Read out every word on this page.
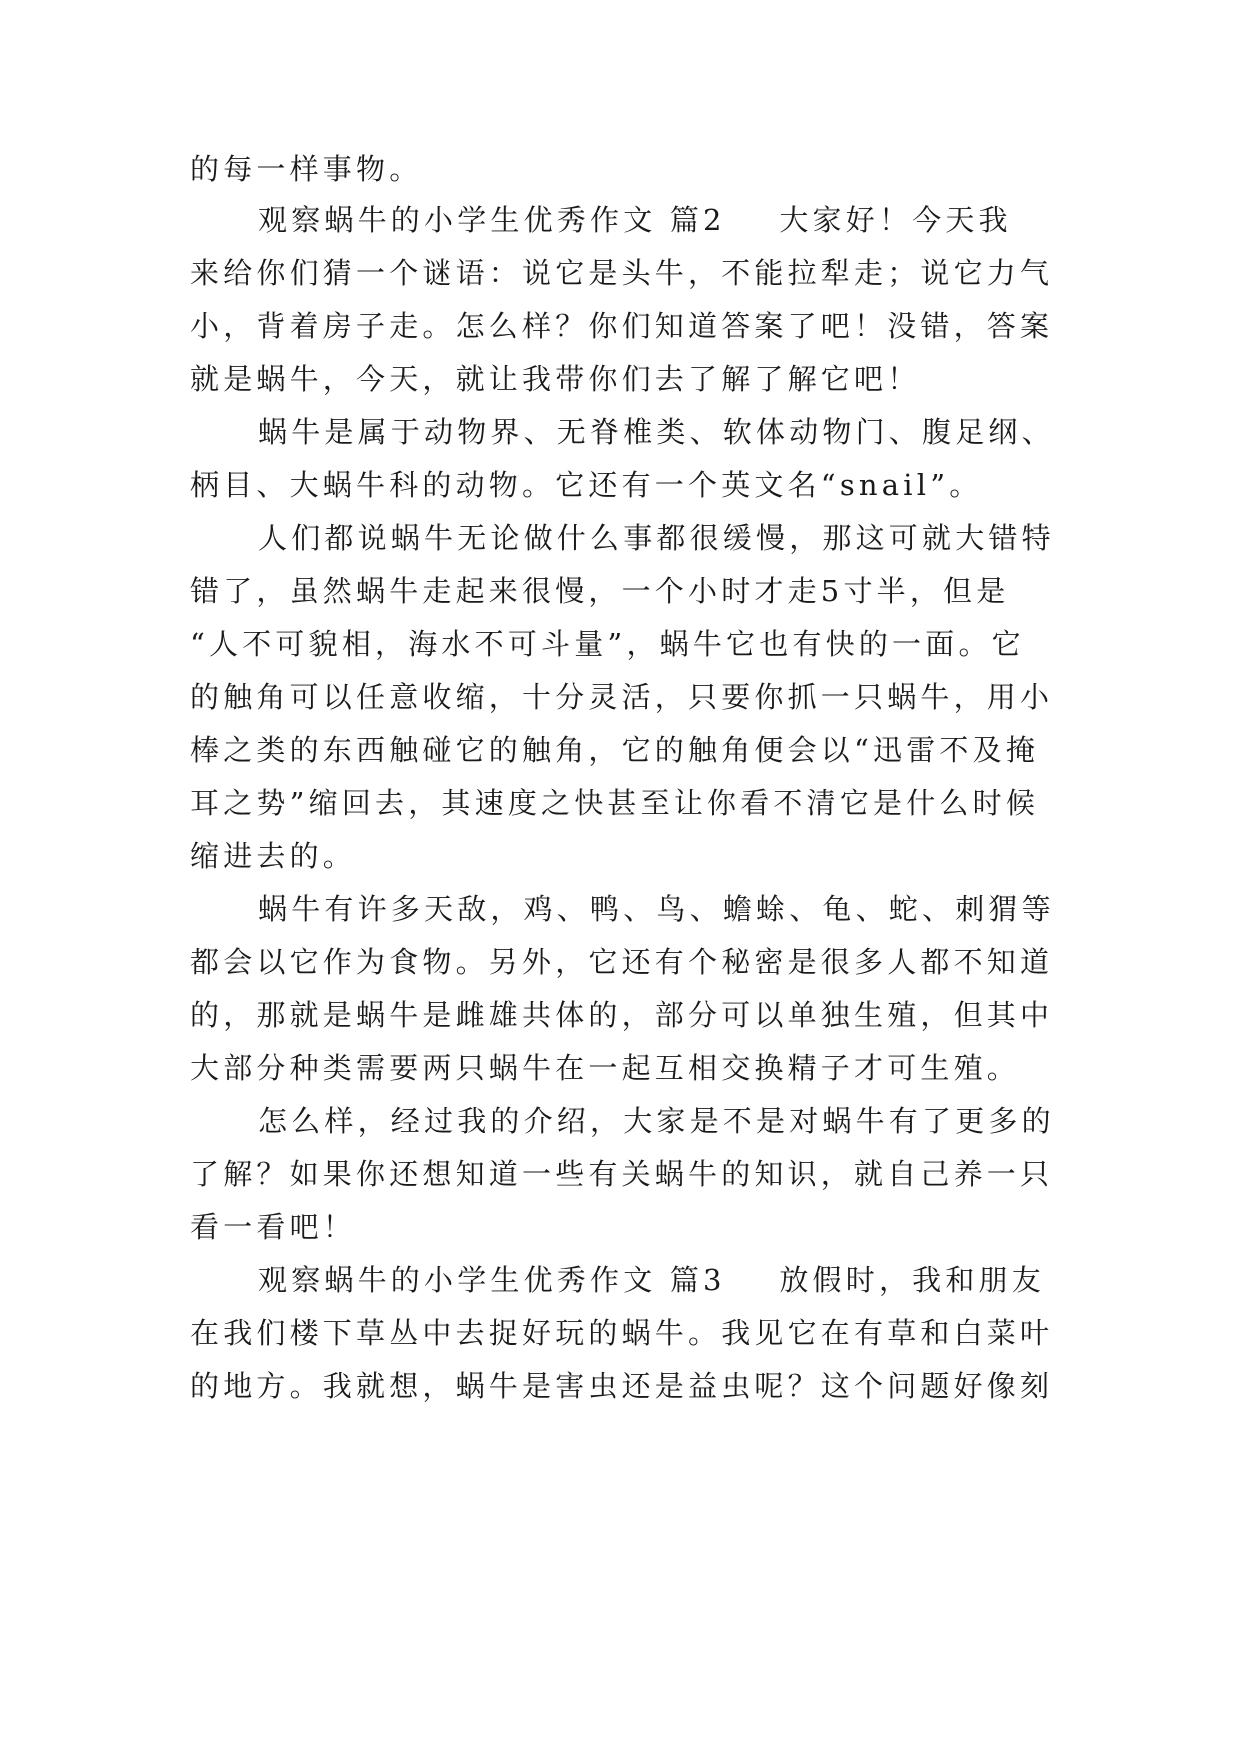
的每一样事物。
观察蜗牛的小学生优秀作文 篇2    大家好！今天我
来给你们猜一个谜语：说它是头牛，不能拉犁走；说它力气
小，背着房子走。怎么样？你们知道答案了吧！没错，答案
就是蜗牛，今天，就让我带你们去了解了解它吧！
蜗牛是属于动物界、无脊椎类、软体动物门、腹足纲、
柄目、大蜗牛科的动物。它还有一个英文名“snail”。
人们都说蜗牛无论做什么事都很缓慢，那这可就大错特
错了，虽然蜗牛走起来很慢，一个小时才走5寸半，但是
“人不可貌相，海水不可斗量”，蜗牛它也有快的一面。它
的触角可以任意收缩，十分灵活，只要你抓一只蜗牛，用小
棒之类的东西触碰它的触角，它的触角便会以“迅雷不及掩
耳之势”缩回去，其速度之快甚至让你看不清它是什么时候
缩进去的。
蜗牛有许多天敌，鸡、鸭、鸟、蟾蜍、龟、蛇、刺猬等
都会以它作为食物。另外，它还有个秘密是很多人都不知道
的，那就是蜗牛是雌雄共体的，部分可以单独生殖，但其中
大部分种类需要两只蜗牛在一起互相交换精子才可生殖。
怎么样，经过我的介绍，大家是不是对蜗牛有了更多的
了解？如果你还想知道一些有关蜗牛的知识，就自己养一只
看一看吧！
观察蜗牛的小学生优秀作文 篇3    放假时，我和朋友
在我们楼下草丛中去捉好玩的蜗牛。我见它在有草和白菜叶
的地方。我就想，蜗牛是害虫还是益虫呢？这个问题好像刻
